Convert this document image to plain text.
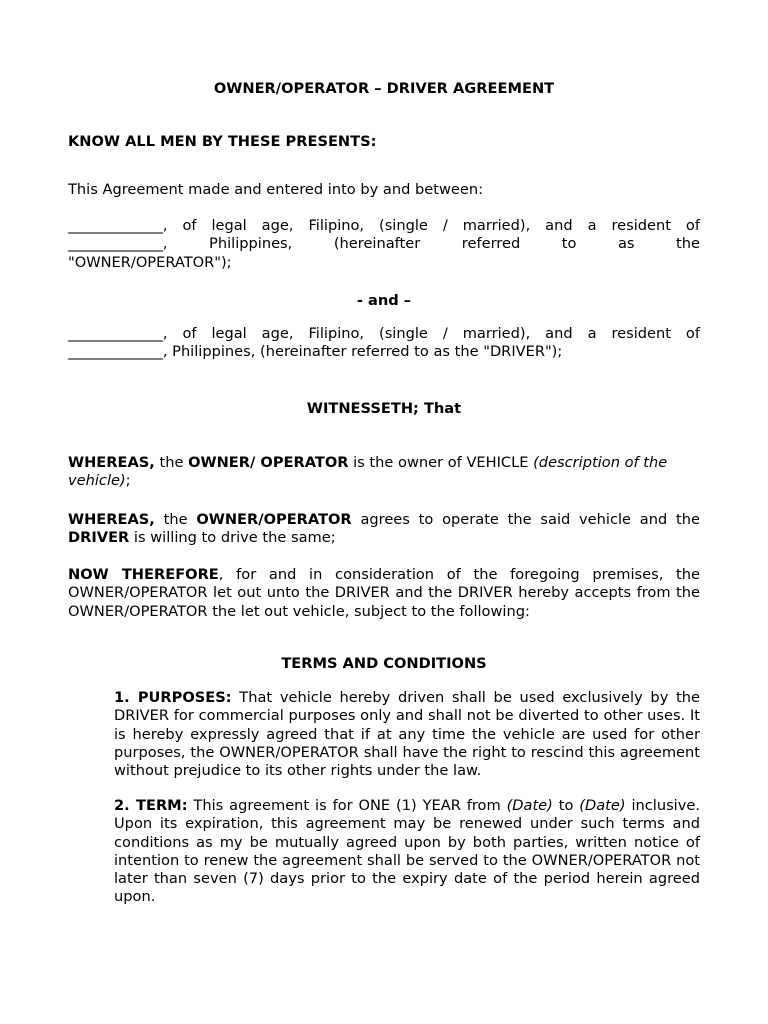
OWNER/OPERATOR – DRIVER AGREEMENT

KNOW ALL MEN BY THESE PRESENTS:

This Agreement made and entered into by and between:

_____________, of legal age, Filipino, (single / married), and a resident of
_____________, Philippines, (hereinafter referred to as the
"OWNER/OPERATOR");

- and –

_____________, of legal age, Filipino, (single / married), and a resident of
_____________, Philippines, (hereinafter referred to as the "DRIVER");

WITNESSETH; That

WHEREAS, the OWNER/ OPERATOR is the owner of VEHICLE (description of the vehicle);

WHEREAS, the OWNER/OPERATOR agrees to operate the said vehicle and the DRIVER is willing to drive the same;

NOW THEREFORE, for and in consideration of the foregoing premises, the OWNER/OPERATOR let out unto the DRIVER and the DRIVER hereby accepts from the OWNER/OPERATOR the let out vehicle, subject to the following:

TERMS AND CONDITIONS

1. PURPOSES: That vehicle hereby driven shall be used exclusively by the DRIVER for commercial purposes only and shall not be diverted to other uses. It is hereby expressly agreed that if at any time the vehicle are used for other purposes, the OWNER/OPERATOR shall have the right to rescind this agreement without prejudice to its other rights under the law.

2. TERM: This agreement is for ONE (1) YEAR from (Date) to (Date) inclusive. Upon its expiration, this agreement may be renewed under such terms and conditions as my be mutually agreed upon by both parties, written notice of intention to renew the agreement shall be served to the OWNER/OPERATOR not later than seven (7) days prior to the expiry date of the period herein agreed upon.
